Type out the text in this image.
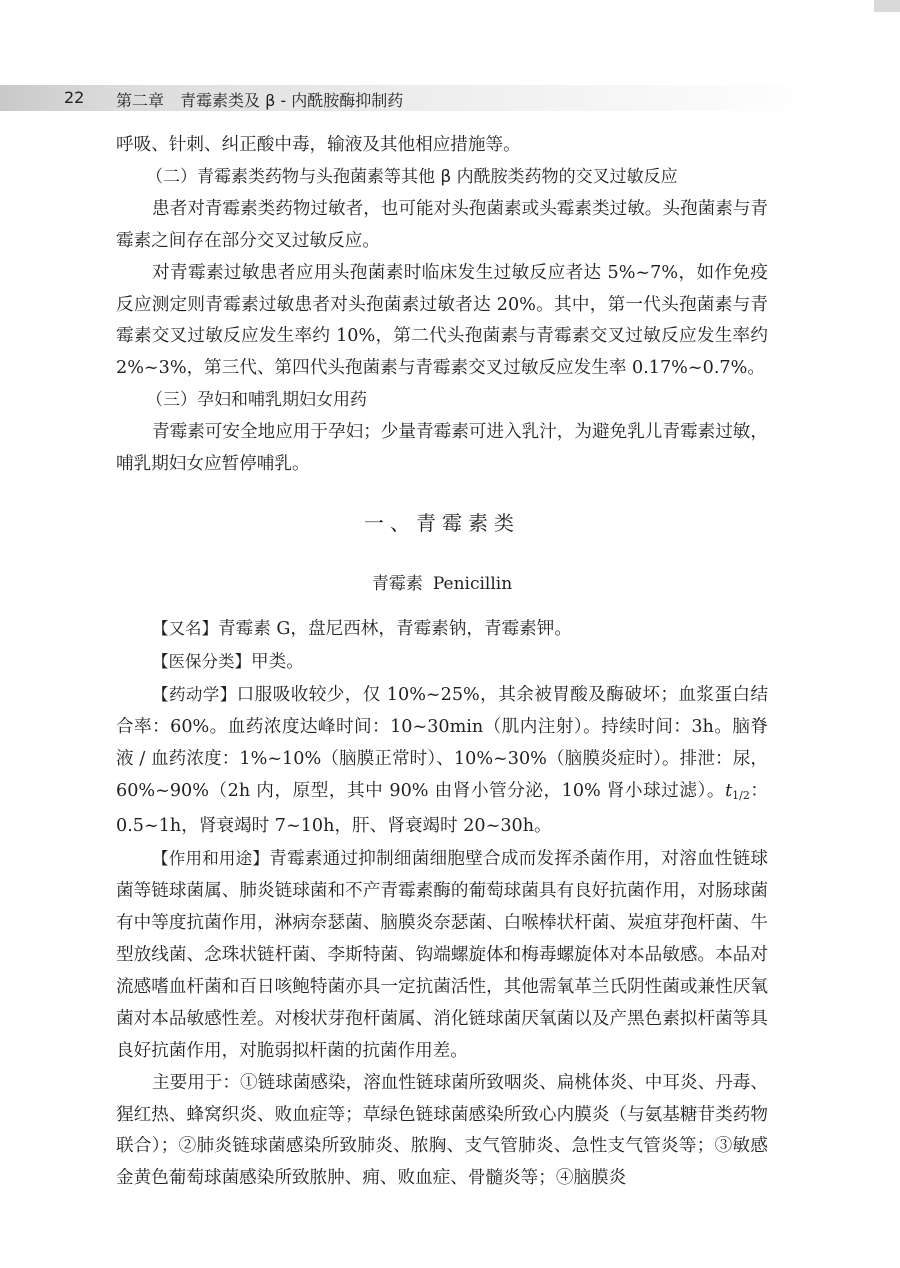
22 第二章　青霉素类及 β - 内酰胺酶抑制药

呼吸、针刺、纠正酸中毒，输液及其他相应措施等。

（二）青霉素类药物与头孢菌素等其他 β 内酰胺类药物的交叉过敏反应

患者对青霉素类药物过敏者，也可能对头孢菌素或头霉素类过敏。头孢菌素与青霉素之间存在部分交叉过敏反应。

对青霉素过敏患者应用头孢菌素时临床发生过敏反应者达 5%~7%，如作免疫反应测定则青霉素过敏患者对头孢菌素过敏者达 20%。其中，第一代头孢菌素与青霉素交叉过敏反应发生率约 10%，第二代头孢菌素与青霉素交叉过敏反应发生率约 2%~3%，第三代、第四代头孢菌素与青霉素交叉过敏反应发生率 0.17%~0.7%。

（三）孕妇和哺乳期妇女用药

青霉素可安全地应用于孕妇；少量青霉素可进入乳汁，为避免乳儿青霉素过敏，哺乳期妇女应暂停哺乳。

一、青霉素类
青霉素 Penicillin

【 又名 】 青霉素 G，盘尼西林，青霉素钠，青霉素钾。

【 医保分类 】 甲类。

【 药动学 】 口服吸收较少，仅 10%~25%，其余被胃酸及酶破坏；血浆蛋白结合率：60%。血药浓度达峰时间：10~30min（肌内注射）。持续时间：3h。脑脊液 / 血药浓度：1%~10%（脑膜正常时）、10%~30%（脑膜炎症时）。排泄：尿，60%~90%（2h 内，原型，其中 90% 由肾小管分泌，10% 肾小球过滤）。$t_{1/2}$：0.5~1h，肾衰竭时 7~10h，肝、肾衰竭时 20~30h。

【 作用和用途 】 青霉素通过抑制细菌细胞壁合成而发挥杀菌作用，对溶血性链球菌等链球菌属、肺炎链球菌和不产青霉素酶的葡萄球菌具有良好抗菌作用，对肠球菌有中等度抗菌作用，淋病奈瑟菌、脑膜炎奈瑟菌、白喉棒状杆菌、炭疽芽孢杆菌、牛型放线菌、念珠状链杆菌、李斯特菌、钩端螺旋体和梅毒螺旋体对本品敏感。本品对流感嗜血杆菌和百日咳鲍特菌亦具一定抗菌活性，其他需氧革兰氏阴性菌或兼性厌氧菌对本品敏感性差。对梭状芽孢杆菌属、消化链球菌厌氧菌以及产黑色素拟杆菌等具良好抗菌作用，对脆弱拟杆菌的抗菌作用差。

主要用于：①链球菌感染，溶血性链球菌所致咽炎、扁桃体炎、中耳炎、丹毒、猩红热、蜂窝织炎、败血症等；草绿色链球菌感染所致心内膜炎（与氨基糖苷类药物联合）；②肺炎链球菌感染所致肺炎、脓胸、支气管肺炎、急性支气管炎等；③敏感金黄色葡萄球菌感染所致脓肿、痈、败血症、骨髓炎等；④脑膜炎
